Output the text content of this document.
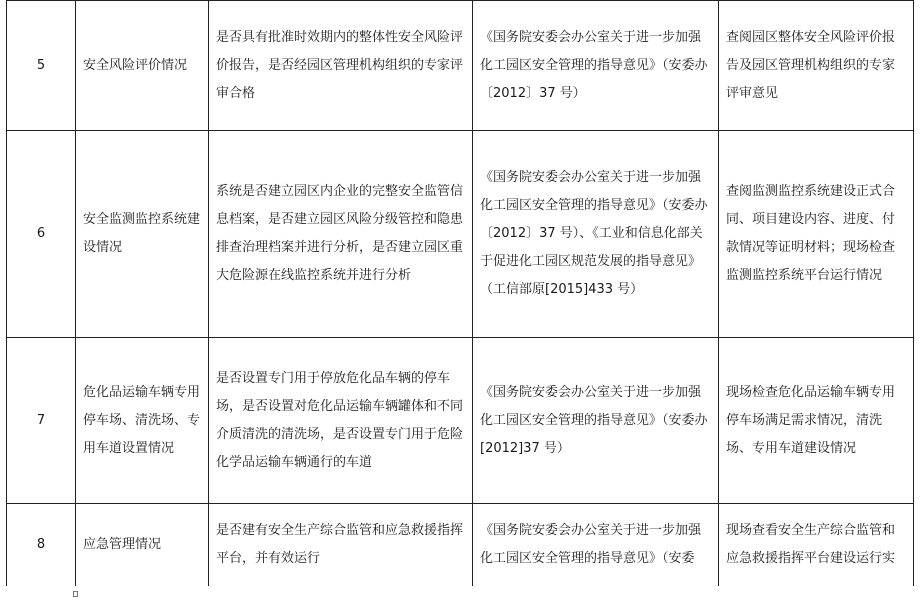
5	安全风险评价情况	是否具有批准时效期内的整体性安全风险评价报告，是否经园区管理机构组织的专家评审合格	《国务院安委会办公室关于进一步加强化工园区安全管理的指导意见》（安委办〔2012〕37 号）	查阅园区整体安全风险评价报告及园区管理机构组织的专家评审意见
6	安全监测监控系统建设情况	系统是否建立园区内企业的完整安全监管信息档案，是否建立园区风险分级管控和隐患排查治理档案并进行分析，是否建立园区重大危险源在线监控系统并进行分析	《国务院安委会办公室关于进一步加强化工园区安全管理的指导意见》（安委办〔2012〕37 号）、《工业和信息化部关于促进化工园区规范发展的指导意见》（工信部原[2015]433 号）	查阅监测监控系统建设正式合同、项目建设内容、进度、付款情况等证明材料；现场检查监测监控系统平台运行情况
7	危化品运输车辆专用停车场、清洗场、专用车道设置情况	是否设置专门用于停放危化品车辆的停车场，是否设置对危化品运输车辆罐体和不同介质清洗的清洗场，是否设置专门用于危险化学品运输车辆通行的车道	《国务院安委会办公室关于进一步加强化工园区安全管理的指导意见》（安委办[2012]37 号）	现场检查危化品运输车辆专用停车场满足需求情况，清洗场、专用车道建设情况
8	应急管理情况	是否建有安全生产综合监管和应急救援指挥平台，并有效运行	《国务院安委会办公室关于进一步加强化工园区安全管理的指导意见》（安委	现场查看安全生产综合监管和应急救援指挥平台建设运行实
